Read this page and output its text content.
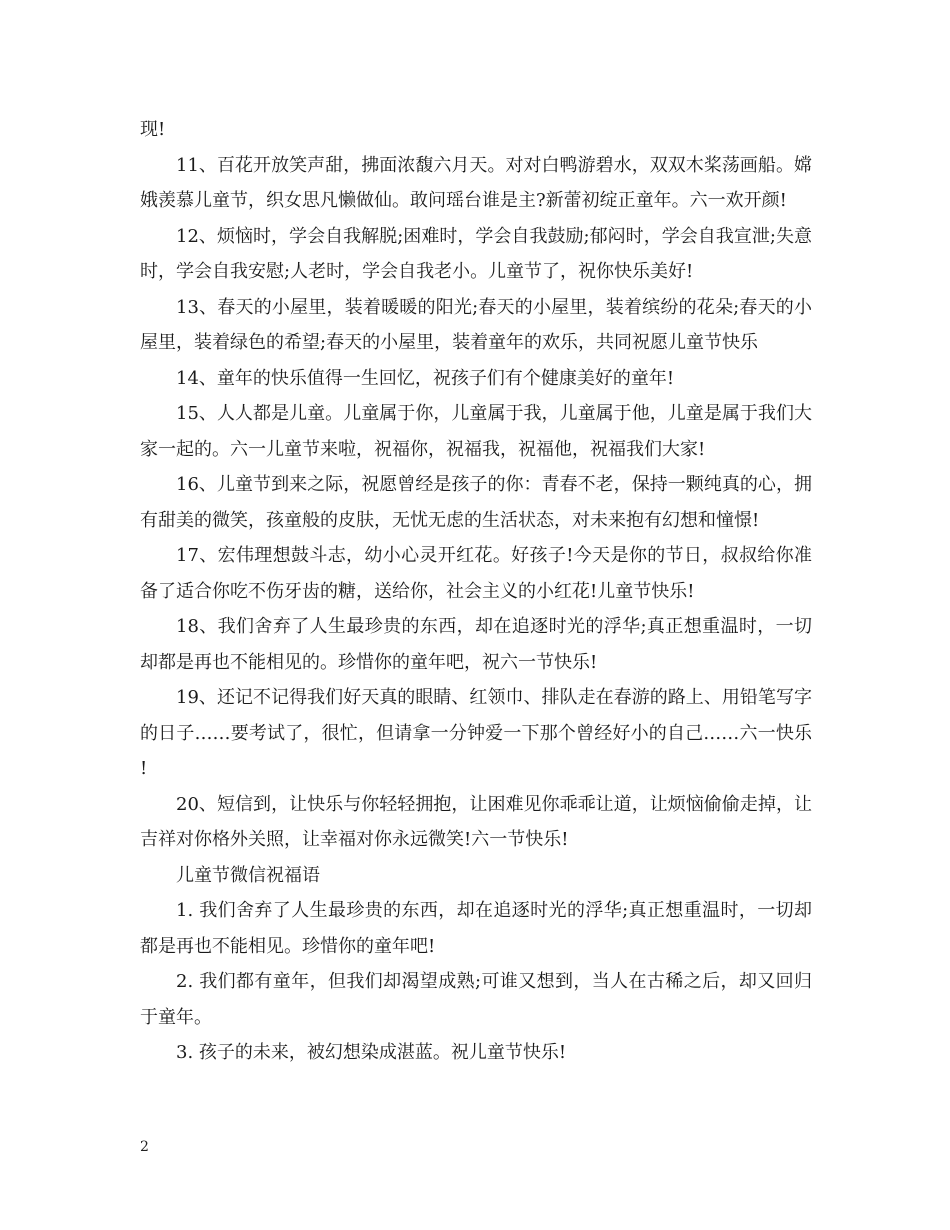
现!

11、百花开放笑声甜，拂面浓馥六月天。对对白鸭游碧水，双双木桨荡画船。嫦娥羡慕儿童节，织女思凡懒做仙。敢问瑶台谁是主?新蕾初绽正童年。六一欢开颜!

12、烦恼时，学会自我解脱;困难时，学会自我鼓励;郁闷时，学会自我宣泄;失意时，学会自我安慰;人老时，学会自我老小。儿童节了，祝你快乐美好!

13、春天的小屋里，装着暖暖的阳光;春天的小屋里，装着缤纷的花朵;春天的小屋里，装着绿色的希望;春天的小屋里，装着童年的欢乐，共同祝愿儿童节快乐

14、童年的快乐值得一生回忆，祝孩子们有个健康美好的童年!

15、人人都是儿童。儿童属于你，儿童属于我，儿童属于他，儿童是属于我们大家一起的。六一儿童节来啦，祝福你，祝福我，祝福他，祝福我们大家!

16、儿童节到来之际，祝愿曾经是孩子的你：青春不老，保持一颗纯真的心，拥有甜美的微笑，孩童般的皮肤，无忧无虑的生活状态，对未来抱有幻想和憧憬!

17、宏伟理想鼓斗志，幼小心灵开红花。好孩子!今天是你的节日，叔叔给你准备了适合你吃不伤牙齿的糖，送给你，社会主义的小红花!儿童节快乐!

18、我们舍弃了人生最珍贵的东西，却在追逐时光的浮华;真正想重温时，一切却都是再也不能相见的。珍惜你的童年吧，祝六一节快乐!

19、还记不记得我们好天真的眼睛、红领巾、排队走在春游的路上、用铅笔写字的日子……要考试了，很忙，但请拿一分钟爱一下那个曾经好小的自己……六一快乐 !

20、短信到，让快乐与你轻轻拥抱，让困难见你乖乖让道，让烦恼偷偷走掉，让吉祥对你格外关照，让幸福对你永远微笑!六一节快乐!

儿童节微信祝福语

1. 我们舍弃了人生最珍贵的东西，却在追逐时光的浮华;真正想重温时，一切却都是再也不能相见。珍惜你的童年吧!

2. 我们都有童年，但我们却渴望成熟;可谁又想到，当人在古稀之后，却又回归于童年。

3. 孩子的未来，被幻想染成湛蓝。祝儿童节快乐!

2
